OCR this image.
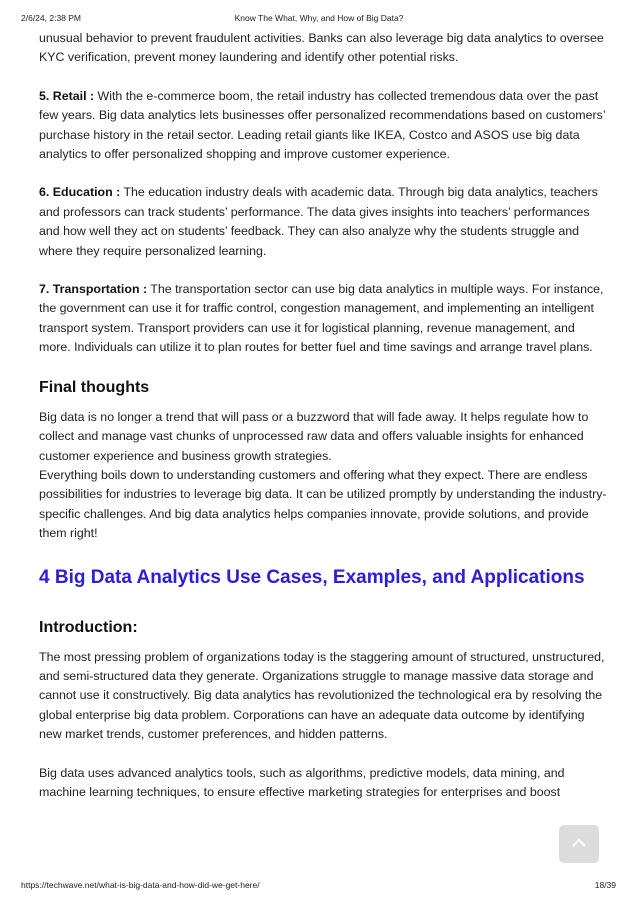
2/6/24, 2:38 PM	Know The What, Why, and How of Big Data?

unusual behavior to prevent fraudulent activities. Banks can also leverage big data analytics to oversee KYC verification, prevent money laundering and identify other potential risks.

5. Retail : With the e-commerce boom, the retail industry has collected tremendous data over the past few years. Big data analytics lets businesses offer personalized recommendations based on customers’ purchase history in the retail sector. Leading retail giants like IKEA, Costco and ASOS use big data analytics to offer personalized shopping and improve customer experience.

6. Education : The education industry deals with academic data. Through big data analytics, teachers and professors can track students’ performance. The data gives insights into teachers’ performances and how well they act on students’ feedback. They can also analyze why the students struggle and where they require personalized learning.

7. Transportation : The transportation sector can use big data analytics in multiple ways. For instance, the government can use it for traffic control, congestion management, and implementing an intelligent transport system. Transport providers can use it for logistical planning, revenue management, and more. Individuals can utilize it to plan routes for better fuel and time savings and arrange travel plans.

Final thoughts

Big data is no longer a trend that will pass or a buzzword that will fade away. It helps regulate how to collect and manage vast chunks of unprocessed raw data and offers valuable insights for enhanced customer experience and business growth strategies.

Everything boils down to understanding customers and offering what they expect. There are endless possibilities for industries to leverage big data. It can be utilized promptly by understanding the industry-specific challenges. And big data analytics helps companies innovate, provide solutions, and provide them right!

4 Big Data Analytics Use Cases, Examples, and Applications
Introduction:

The most pressing problem of organizations today is the staggering amount of structured, unstructured, and semi-structured data they generate. Organizations struggle to manage massive data storage and cannot use it constructively. Big data analytics has revolutionized the technological era by resolving the global enterprise big data problem. Corporations can have an adequate data outcome by identifying new market trends, customer preferences, and hidden patterns.

Big data uses advanced analytics tools, such as algorithms, predictive models, data mining, and machine learning techniques, to ensure effective marketing strategies for enterprises and boost

https://techwave.net/what-is-big-data-and-how-did-we-get-here/	18/39
